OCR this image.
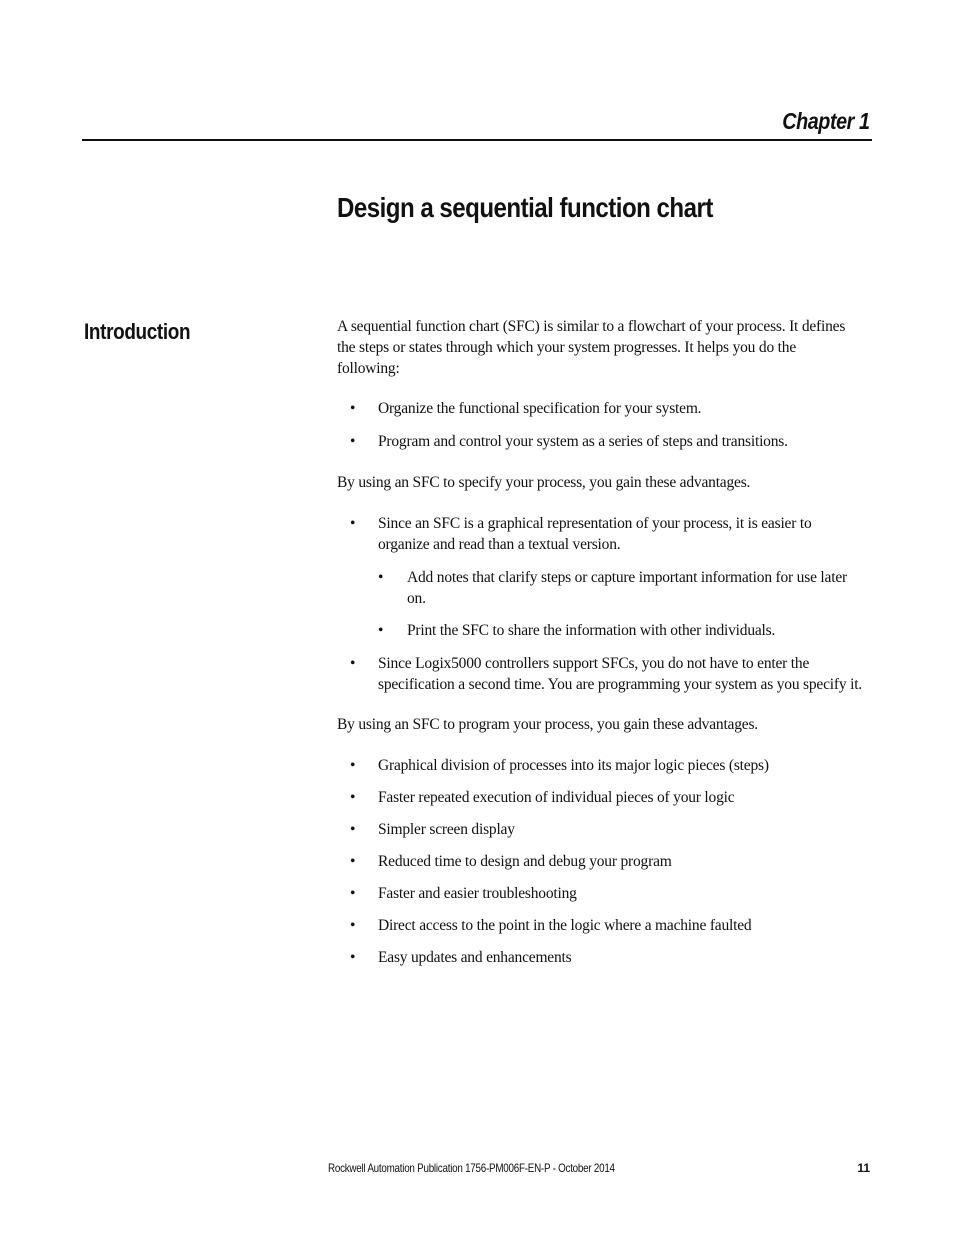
Chapter 1
Design a sequential function chart
Introduction	A sequential function chart (SFC) is similar to a flowchart of your process. It defines the steps or states through which your system progresses. It helps you do the following:

• Organize the functional specification for your system.
• Program and control your system as a series of steps and transitions.

By using an SFC to specify your process, you gain these advantages.

• Since an SFC is a graphical representation of your process, it is easier to organize and read than a textual version.
• Add notes that clarify steps or capture important information for use later on.
• Print the SFC to share the information with other individuals.
• Since Logix5000 controllers support SFCs, you do not have to enter the specification a second time. You are programming your system as you specify it.

By using an SFC to program your process, you gain these advantages.

• Graphical division of processes into its major logic pieces (steps)
• Faster repeated execution of individual pieces of your logic
• Simpler screen display
• Reduced time to design and debug your program
• Faster and easier troubleshooting
• Direct access to the point in the logic where a machine faulted
• Easy updates and enhancements
Rockwell Automation Publication 1756-PM006F-EN-P - October 2014	11
